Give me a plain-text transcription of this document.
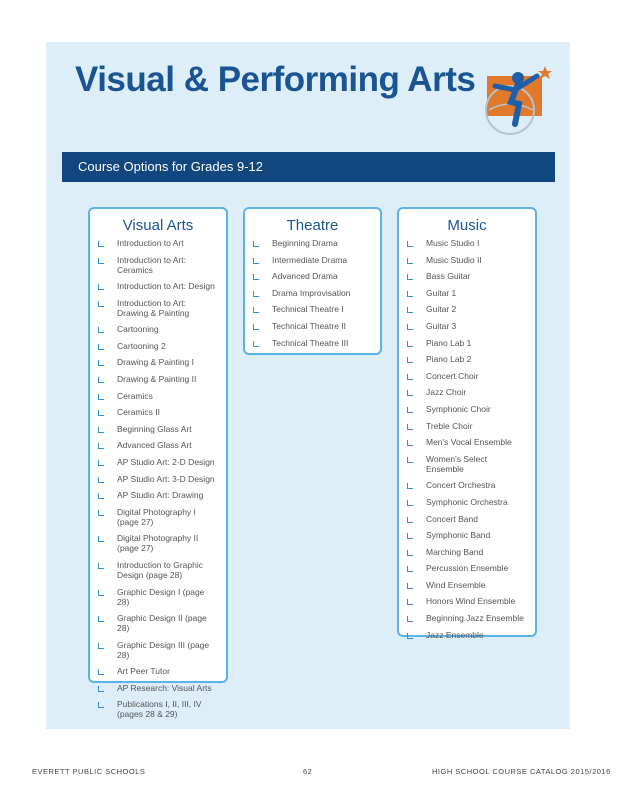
Visual & Performing Arts
Course Options for Grades 9-12
Visual Arts
Introduction to Art
Introduction to Art: Ceramics
Introduction to Art: Design
Introduction to Art: Drawing & Painting
Cartooning
Cartooning 2
Drawing & Painting I
Drawing & Painting II
Ceramics
Ceramics II
Beginning Glass Art
Advanced Glass Art
AP Studio Art: 2-D Design
AP Studio Art: 3-D Design
AP Studio Art: Drawing
Digital Photography I (page 27)
Digital Photography II (page 27)
Introduction to Graphic Design (page 28)
Graphic Design I (page 28)
Graphic Design II (page 28)
Graphic Design III (page 28)
Art Peer Tutor
AP Research: Visual Arts
Publications I, II, III, IV (pages 28 & 29)
Theatre
Beginning Drama
Intermediate Drama
Advanced Drama
Drama Improvisation
Technical Theatre I
Technical Theatre II
Technical Theatre III
Music
Music Studio I
Music Studio II
Bass Guitar
Guitar 1
Guitar 2
Guitar 3
Piano Lab 1
Piano Lab 2
Concert Choir
Jazz Choir
Symphonic Choir
Treble Choir
Men's Vocal Ensemble
Women's Select Ensemble
Concert Orchestra
Symphonic Orchestra
Concert Band
Symphonic Band
Marching Band
Percussion Ensemble
Wind Ensemble
Honors Wind Ensemble
Beginning Jazz Ensemble
Jazz Ensemble
EVERETT PUBLIC SCHOOLS	62	HIGH SCHOOL COURSE CATALOG 2015/2016
